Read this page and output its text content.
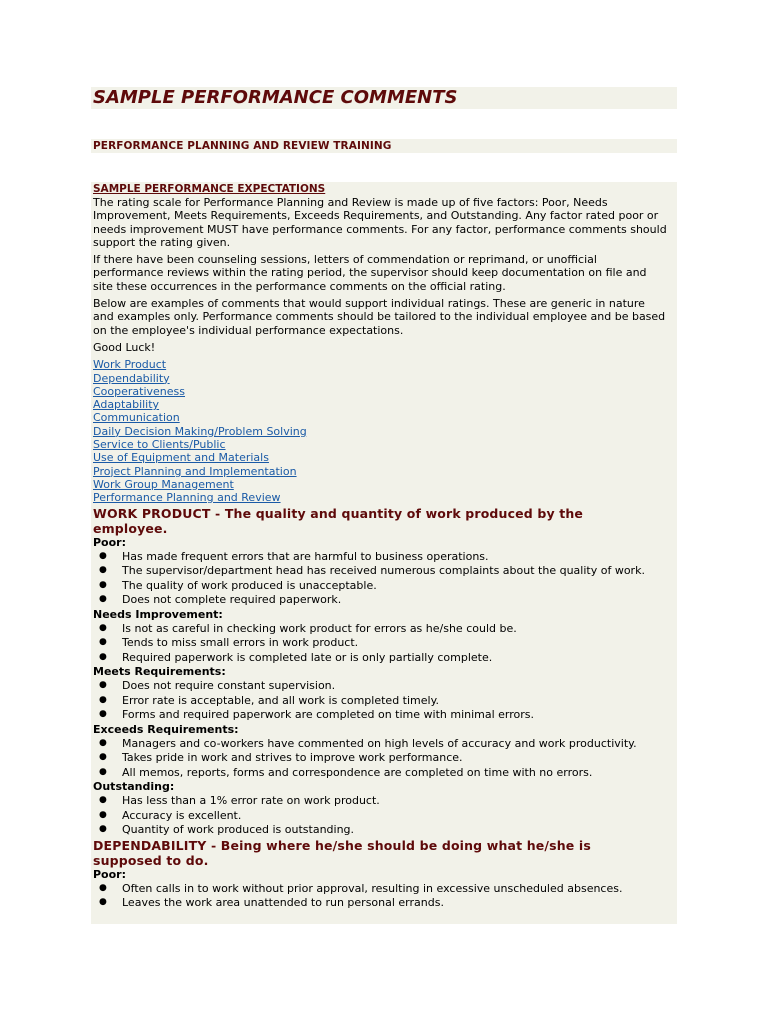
SAMPLE PERFORMANCE COMMENTS
PERFORMANCE PLANNING AND REVIEW TRAINING
SAMPLE PERFORMANCE EXPECTATIONS

The rating scale for Performance Planning and Review is made up of five factors: Poor, Needs Improvement, Meets Requirements, Exceeds Requirements, and Outstanding. Any factor rated poor or needs improvement MUST have performance comments. For any factor, performance comments should support the rating given.

If there have been counseling sessions, letters of commendation or reprimand, or unofficial performance reviews within the rating period, the supervisor should keep documentation on file and site these occurrences in the performance comments on the official rating.

Below are examples of comments that would support individual ratings. These are generic in nature and examples only. Performance comments should be tailored to the individual employee and be based on the employee's individual performance expectations.

Good Luck!

Work Product
Dependability
Cooperativeness
Adaptability
Communication
Daily Decision Making/Problem Solving
Service to Clients/Public
Use of Equipment and Materials
Project Planning and Implementation
Work Group Management
Performance Planning and Review
WORK PRODUCT - The quality and quantity of work produced by the employee.
Poor:
● Has made frequent errors that are harmful to business operations.
● The supervisor/department head has received numerous complaints about the quality of work.
● The quality of work produced is unacceptable.
● Does not complete required paperwork.
Needs Improvement:
● Is not as careful in checking work product for errors as he/she could be.
● Tends to miss small errors in work product.
● Required paperwork is completed late or is only partially complete.
Meets Requirements:
● Does not require constant supervision.
● Error rate is acceptable, and all work is completed timely.
● Forms and required paperwork are completed on time with minimal errors.
Exceeds Requirements:
● Managers and co-workers have commented on high levels of accuracy and work productivity.
● Takes pride in work and strives to improve work performance.
● All memos, reports, forms and correspondence are completed on time with no errors.
Outstanding:
● Has less than a 1% error rate on work product.
● Accuracy is excellent.
● Quantity of work produced is outstanding.
DEPENDABILITY - Being where he/she should be doing what he/she is supposed to do.
Poor:
● Often calls in to work without prior approval, resulting in excessive unscheduled absences.
● Leaves the work area unattended to run personal errands.
